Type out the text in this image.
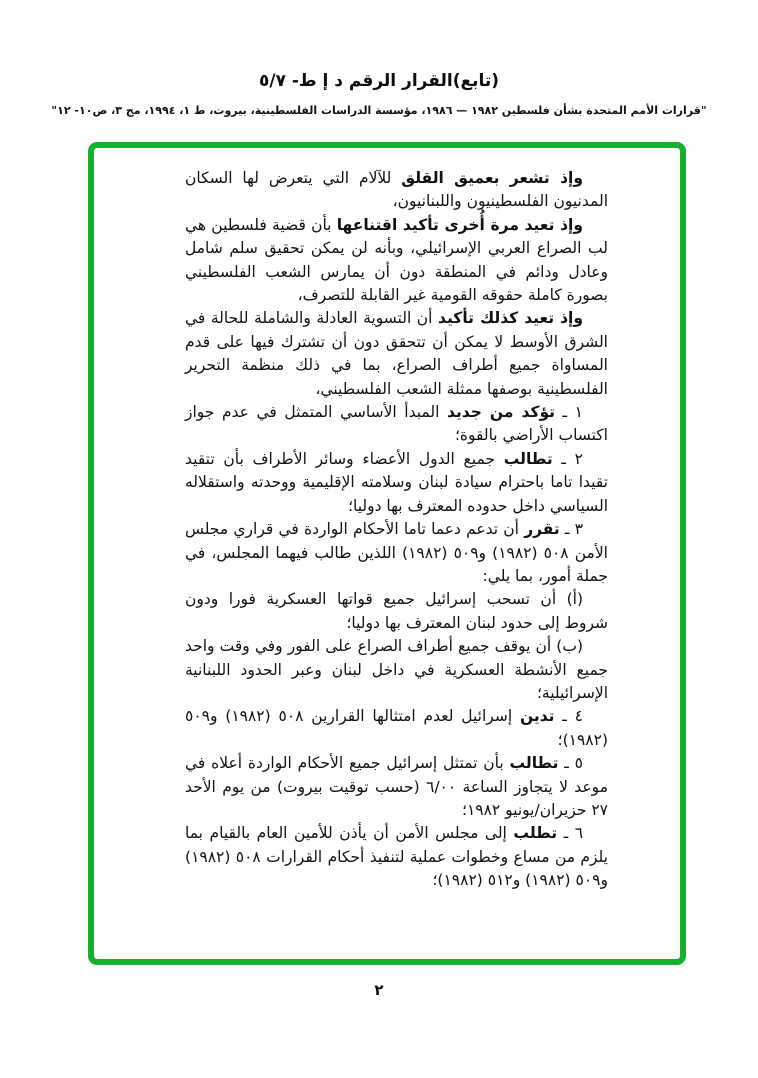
(تابع)القرار الرقم د إ ط- ٥/٧
"قرارات الأمم المتحدة بشأن فلسطين ١٩٨٢ — ١٩٨٦، مؤسسة الدراسات الفلسطينية، بيروت، ط ١، ١٩٩٤، مج ٣، ص١٠- ١٢"

وإذ تشعر بعميق القلق للآلام التي يتعرض لها السكان المدنيون الفلسطينيون واللبنانيون،

وإذ تعيد مرة أُخرى تأكيد اقتناعها بأن قضية فلسطين هي لب الصراع العربي الإسرائيلي، وبأنه لن يمكن تحقيق سلم شامل وعادل ودائم في المنطقة دون أن يمارس الشعب الفلسطيني بصورة كاملة حقوقه القومية غير القابلة للتصرف،

وإذ تعيد كذلك تأكيد أن التسوية العادلة والشاملة للحالة في الشرق الأوسط لا يمكن أن تتحقق دون أن تشترك فيها على قدم المساواة جميع أطراف الصراع، بما في ذلك منظمة التحرير الفلسطينية بوصفها ممثلة الشعب الفلسطيني،

١ ـ تؤكد من جديد المبدأ الأساسي المتمثل في عدم جواز اكتساب الأراضي بالقوة؛

٢ ـ تطالب جميع الدول الأعضاء وسائر الأطراف بأن تتقيد تقيدا تاما باحترام سيادة لبنان وسلامته الإقليمية ووحدته واستقلاله السياسي داخل حدوده المعترف بها دوليا؛

٣ ـ تقرر أن تدعم دعما تاما الأحكام الواردة في قراري مجلس الأمن ٥٠٨ (١٩٨٢) و٥٠٩ (١٩٨٢) اللذين طالب فيهما المجلس، في جملة أمور، بما يلي:

(أ) أن تسحب إسرائيل جميع قواتها العسكرية فورا ودون شروط إلى حدود لبنان المعترف بها دوليا؛

(ب) أن يوقف جميع أطراف الصراع على الفور وفي وقت واحد جميع الأنشطة العسكرية في داخل لبنان وعبر الحدود اللبنانية الإسرائيلية؛

٤ ـ تدين إسرائيل لعدم امتثالها القرارين ٥٠٨ (١٩٨٢) و٥٠٩ (١٩٨٢)؛

٥ ـ تطالب بأن تمتثل إسرائيل جميع الأحكام الواردة أعلاه في موعد لا يتجاوز الساعة ٦/٠٠ (حسب توقيت بيروت) من يوم الأحد ٢٧ حزيران/يونيو ١٩٨٢؛

٦ ـ تطلب إلى مجلس الأمن أن يأذن للأمين العام بالقيام بما يلزم من مساع وخطوات عملية لتنفيذ أحكام القرارات ٥٠٨ (١٩٨٢) و٥٠٩ (١٩٨٢) و٥١٢ (١٩٨٢)؛

٢
